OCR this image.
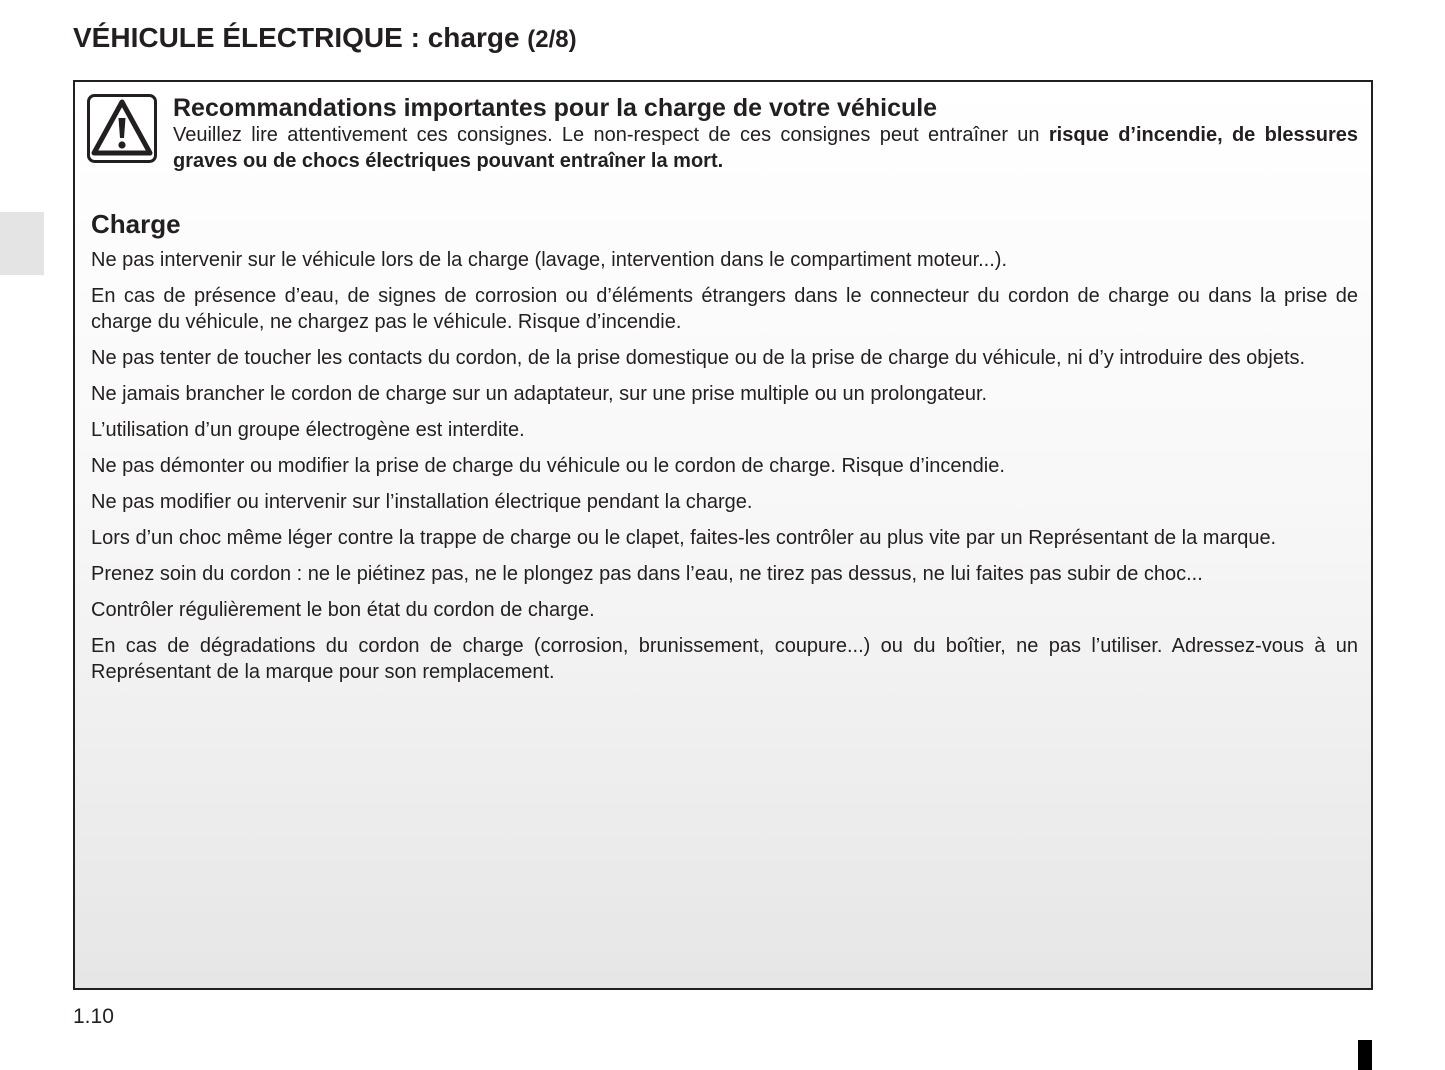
VÉHICULE ÉLECTRIQUE : charge (2/8)
Recommandations importantes pour la charge de votre véhicule
Veuillez lire attentivement ces consignes. Le non-respect de ces consignes peut entraîner un risque d’incendie, de blessures graves ou de chocs électriques pouvant entraîner la mort.
Charge

Ne pas intervenir sur le véhicule lors de la charge (lavage, intervention dans le compartiment moteur...).

En cas de présence d’eau, de signes de corrosion ou d’éléments étrangers dans le connecteur du cordon de charge ou dans la prise de charge du véhicule, ne chargez pas le véhicule. Risque d’incendie.

Ne pas tenter de toucher les contacts du cordon, de la prise domestique ou de la prise de charge du véhicule, ni d’y introduire des objets.

Ne jamais brancher le cordon de charge sur un adaptateur, sur une prise multiple ou un prolongateur.

L’utilisation d’un groupe électrogène est interdite.

Ne pas démonter ou modifier la prise de charge du véhicule ou le cordon de charge. Risque d’incendie.

Ne pas modifier ou intervenir sur l’installation électrique pendant la charge.

Lors d’un choc même léger contre la trappe de charge ou le clapet, faites-les contrôler au plus vite par un Représentant de la marque.

Prenez soin du cordon : ne le piétinez pas, ne le plongez pas dans l’eau, ne tirez pas dessus, ne lui faites pas subir de choc...

Contrôler régulièrement le bon état du cordon de charge.

En cas de dégradations du cordon de charge (corrosion, brunissement, coupure...) ou du boîtier, ne pas l’utiliser. Adressez-vous à un Représentant de la marque pour son remplacement.

1.10
